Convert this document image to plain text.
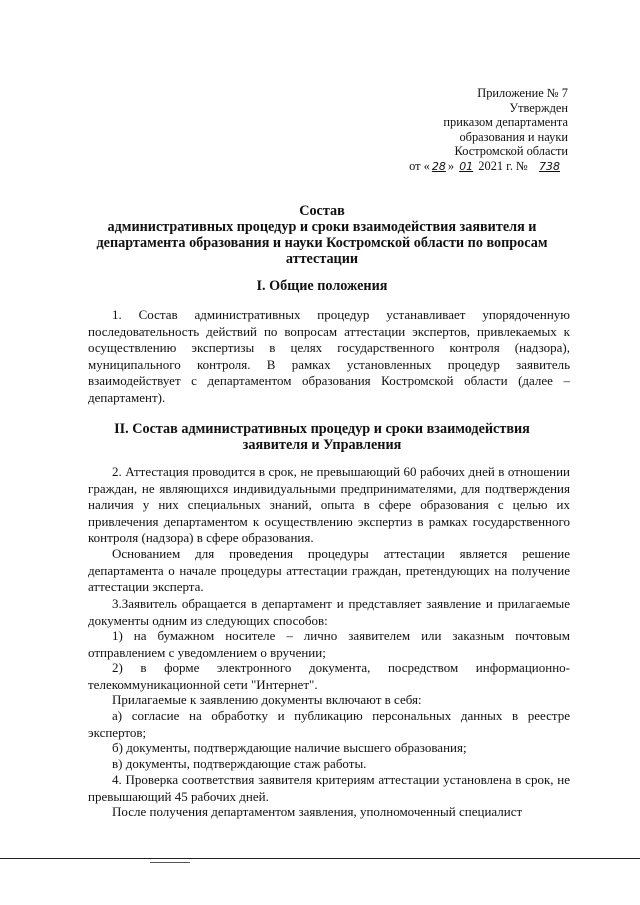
Приложение № 7
Утвержден
приказом департамента
образования и науки
Костромской области
от « 28 » 01 2021 г. № 738
Состав
административных процедур и сроки взаимодействия заявителя и
департамента образования и науки Костромской области по вопросам
аттестации
I. Общие положения
1. Состав административных процедур устанавливает упорядоченную последовательность действий по вопросам аттестации экспертов, привлекаемых к осуществлению экспертизы в целях государственного контроля (надзора), муниципального контроля. В рамках установленных процедур заявитель взаимодействует с департаментом образования Костромской области (далее – департамент).
II. Состав административных процедур и сроки взаимодействия
заявителя и Управления
2. Аттестация проводится в срок, не превышающий 60 рабочих дней в отношении граждан, не являющихся индивидуальными предпринимателями, для подтверждения наличия у них специальных знаний, опыта в сфере образования с целью их привлечения департаментом к осуществлению экспертиз в рамках государственного контроля (надзора) в сфере образования.
Основанием для проведения процедуры аттестации является решение департамента о начале процедуры аттестации граждан, претендующих на получение аттестации эксперта.
3.Заявитель обращается в департамент и представляет заявление и прилагаемые документы одним из следующих способов:
1) на бумажном носителе – лично заявителем или заказным почтовым отправлением с уведомлением о вручении;
2) в форме электронного документа, посредством информационно-телекоммуникационной сети "Интернет".
Прилагаемые к заявлению документы включают в себя:
а) согласие на обработку и публикацию персональных данных в реестре экспертов;
б) документы, подтверждающие наличие высшего образования;
в) документы, подтверждающие стаж работы.
4. Проверка соответствия заявителя критериям аттестации установлена в срок, не превышающий 45 рабочих дней.
После получения департаментом заявления, уполномоченный специалист
